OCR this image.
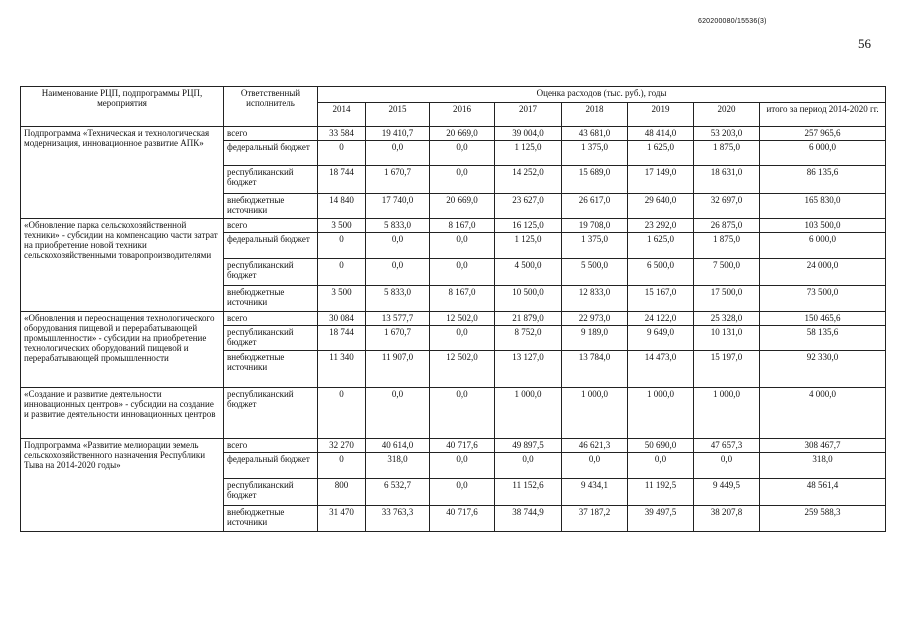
620200080/15536(3)
56
Наименование РЦП, подпрограммы РЦП, мероприятия	Ответственный исполнитель	Оценка расходов (тыс. руб.), годы							
		2014	2015	2016	2017	2018	2019	2020	итого за период 2014-2020 гг.
Подпрограмма «Техническая и технологическая модернизация, инновационное развитие АПК»	всего	33 584	19 410,7	20 669,0	39 004,0	43 681,0	48 414,0	53 203,0	257 965,6
	федеральный бюджет	0	0,0	0,0	1 125,0	1 375,0	1 625,0	1 875,0	6 000,0
	республиканский бюджет	18 744	1 670,7	0,0	14 252,0	15 689,0	17 149,0	18 631,0	86 135,6
	внебюджетные источники	14 840	17 740,0	20 669,0	23 627,0	26 617,0	29 640,0	32 697,0	165 830,0
«Обновление парка сельскохозяйственной техники» - субсидии на компенсацию части затрат на приобретение новой техники сельскохозяйственными товаропроизводителями	всего	3 500	5 833,0	8 167,0	16 125,0	19 708,0	23 292,0	26 875,0	103 500,0
	федеральный бюджет	0	0,0	0,0	1 125,0	1 375,0	1 625,0	1 875,0	6 000,0
	республиканский бюджет	0	0,0	0,0	4 500,0	5 500,0	6 500,0	7 500,0	24 000,0
	внебюджетные источники	3 500	5 833,0	8 167,0	10 500,0	12 833,0	15 167,0	17 500,0	73 500,0
«Обновления и переоснащения технологического оборудования пищевой и перерабатывающей промышленности» - субсидии на приобретение технологических оборудований пищевой и перерабатывающей промышленности	всего	30 084	13 577,7	12 502,0	21 879,0	22 973,0	24 122,0	25 328,0	150 465,6
	республиканский бюджет	18 744	1 670,7	0,0	8 752,0	9 189,0	9 649,0	10 131,0	58 135,6
	внебюджетные источники	11 340	11 907,0	12 502,0	13 127,0	13 784,0	14 473,0	15 197,0	92 330,0
«Создание и развитие деятельности инновационных центров» - субсидии на создание и развитие деятельности инновационных центров	республиканский бюджет	0	0,0	0,0	1 000,0	1 000,0	1 000,0	1 000,0	4 000,0
Подпрограмма «Развитие мелиорации земель сельскохозяйственного назначения Республики Тыва на 2014-2020 годы»	всего	32 270	40 614,0	40 717,6	49 897,5	46 621,3	50 690,0	47 657,3	308 467,7
	федеральный бюджет	0	318,0	0,0	0,0	0,0	0,0	0,0	318,0
	республиканский бюджет	800	6 532,7	0,0	11 152,6	9 434,1	11 192,5	9 449,5	48 561,4
	внебюджетные источники	31 470	33 763,3	40 717,6	38 744,9	37 187,2	39 497,5	38 207,8	259 588,3
